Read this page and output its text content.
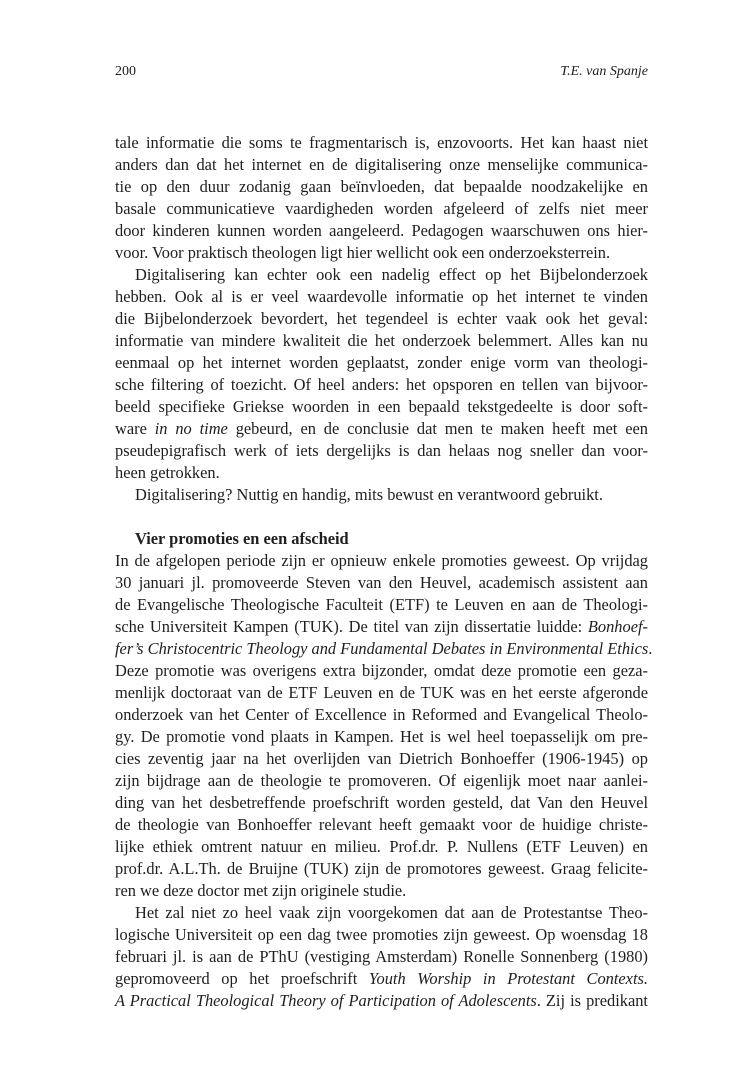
200	T.E. van Spanje
tale informatie die soms te fragmentarisch is, enzovoorts. Het kan haast niet
anders dan dat het internet en de digitalisering onze menselijke communica-
tie op den duur zodanig gaan beïnvloeden, dat bepaalde noodzakelijke en
basale communicatieve vaardigheden worden afgeleerd of zelfs niet meer
door kinderen kunnen worden aangeleerd. Pedagogen waarschuwen ons hier-
voor. Voor praktisch theologen ligt hier wellicht ook een onderzoeksterrein.
Digitalisering kan echter ook een nadelig effect op het Bijbelonderzoek
hebben. Ook al is er veel waardevolle informatie op het internet te vinden
die Bijbelonderzoek bevordert, het tegendeel is echter vaak ook het geval:
informatie van mindere kwaliteit die het onderzoek belemmert. Alles kan nu
eenmaal op het internet worden geplaatst, zonder enige vorm van theologi-
sche filtering of toezicht. Of heel anders: het opsporen en tellen van bijvoor-
beeld specifieke Griekse woorden in een bepaald tekstgedeelte is door soft-
ware in no time gebeurd, en de conclusie dat men te maken heeft met een
pseudepigrafisch werk of iets dergelijks is dan helaas nog sneller dan voor-
heen getrokken.
Digitalisering? Nuttig en handig, mits bewust en verantwoord gebruikt.
Vier promoties en een afscheid
In de afgelopen periode zijn er opnieuw enkele promoties geweest. Op vrijdag
30 januari jl. promoveerde Steven van den Heuvel, academisch assistent aan
de Evangelische Theologische Faculteit (ETF) te Leuven en aan de Theologi-
sche Universiteit Kampen (TUK). De titel van zijn dissertatie luidde: Bonhoef-
fer’s Christocentric Theology and Fundamental Debates in Environmental Ethics.
Deze promotie was overigens extra bijzonder, omdat deze promotie een geza-
menlijk doctoraat van de ETF Leuven en de TUK was en het eerste afgeronde
onderzoek van het Center of Excellence in Reformed and Evangelical Theolo-
gy. De promotie vond plaats in Kampen. Het is wel heel toepasselijk om pre-
cies zeventig jaar na het overlijden van Dietrich Bonhoeffer (1906-1945) op
zijn bijdrage aan de theologie te promoveren. Of eigenlijk moet naar aanlei-
ding van het desbetreffende proefschrift worden gesteld, dat Van den Heuvel
de theologie van Bonhoeffer relevant heeft gemaakt voor de huidige christe-
lijke ethiek omtrent natuur en milieu. Prof.dr. P. Nullens (ETF Leuven) en
prof.dr. A.L.Th. de Bruijne (TUK) zijn de promotores geweest. Graag felicite-
ren we deze doctor met zijn originele studie.
Het zal niet zo heel vaak zijn voorgekomen dat aan de Protestantse Theo-
logische Universiteit op een dag twee promoties zijn geweest. Op woensdag 18
februari jl. is aan de PThU (vestiging Amsterdam) Ronelle Sonnenberg (1980)
gepromoveerd op het proefschrift Youth Worship in Protestant Contexts.
A Practical Theological Theory of Participation of Adolescents. Zij is predikant
